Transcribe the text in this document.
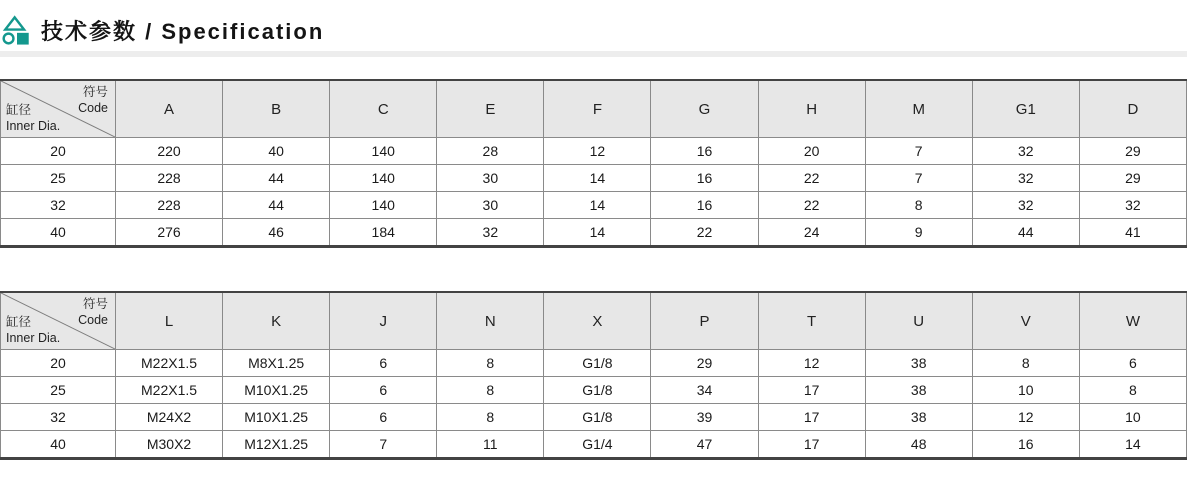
技术参数 / Specification
符号
Code
缸径
Inner Dia.	A	B	C	E	F	G	H	M	G1	D
20	220	40	140	28	12	16	20	7	32	29
25	228	44	140	30	14	16	22	7	32	29
32	228	44	140	30	14	16	22	8	32	32
40	276	46	184	32	14	22	24	9	44	41
符号
Code
缸径
Inner Dia.	L	K	J	N	X	P	T	U	V	W
20	M22X1.5	M8X1.25	6	8	G1/8	29	12	38	8	6
25	M22X1.5	M10X1.25	6	8	G1/8	34	17	38	10	8
32	M24X2	M10X1.25	6	8	G1/8	39	17	38	12	10
40	M30X2	M12X1.25	7	11	G1/4	47	17	48	16	14
